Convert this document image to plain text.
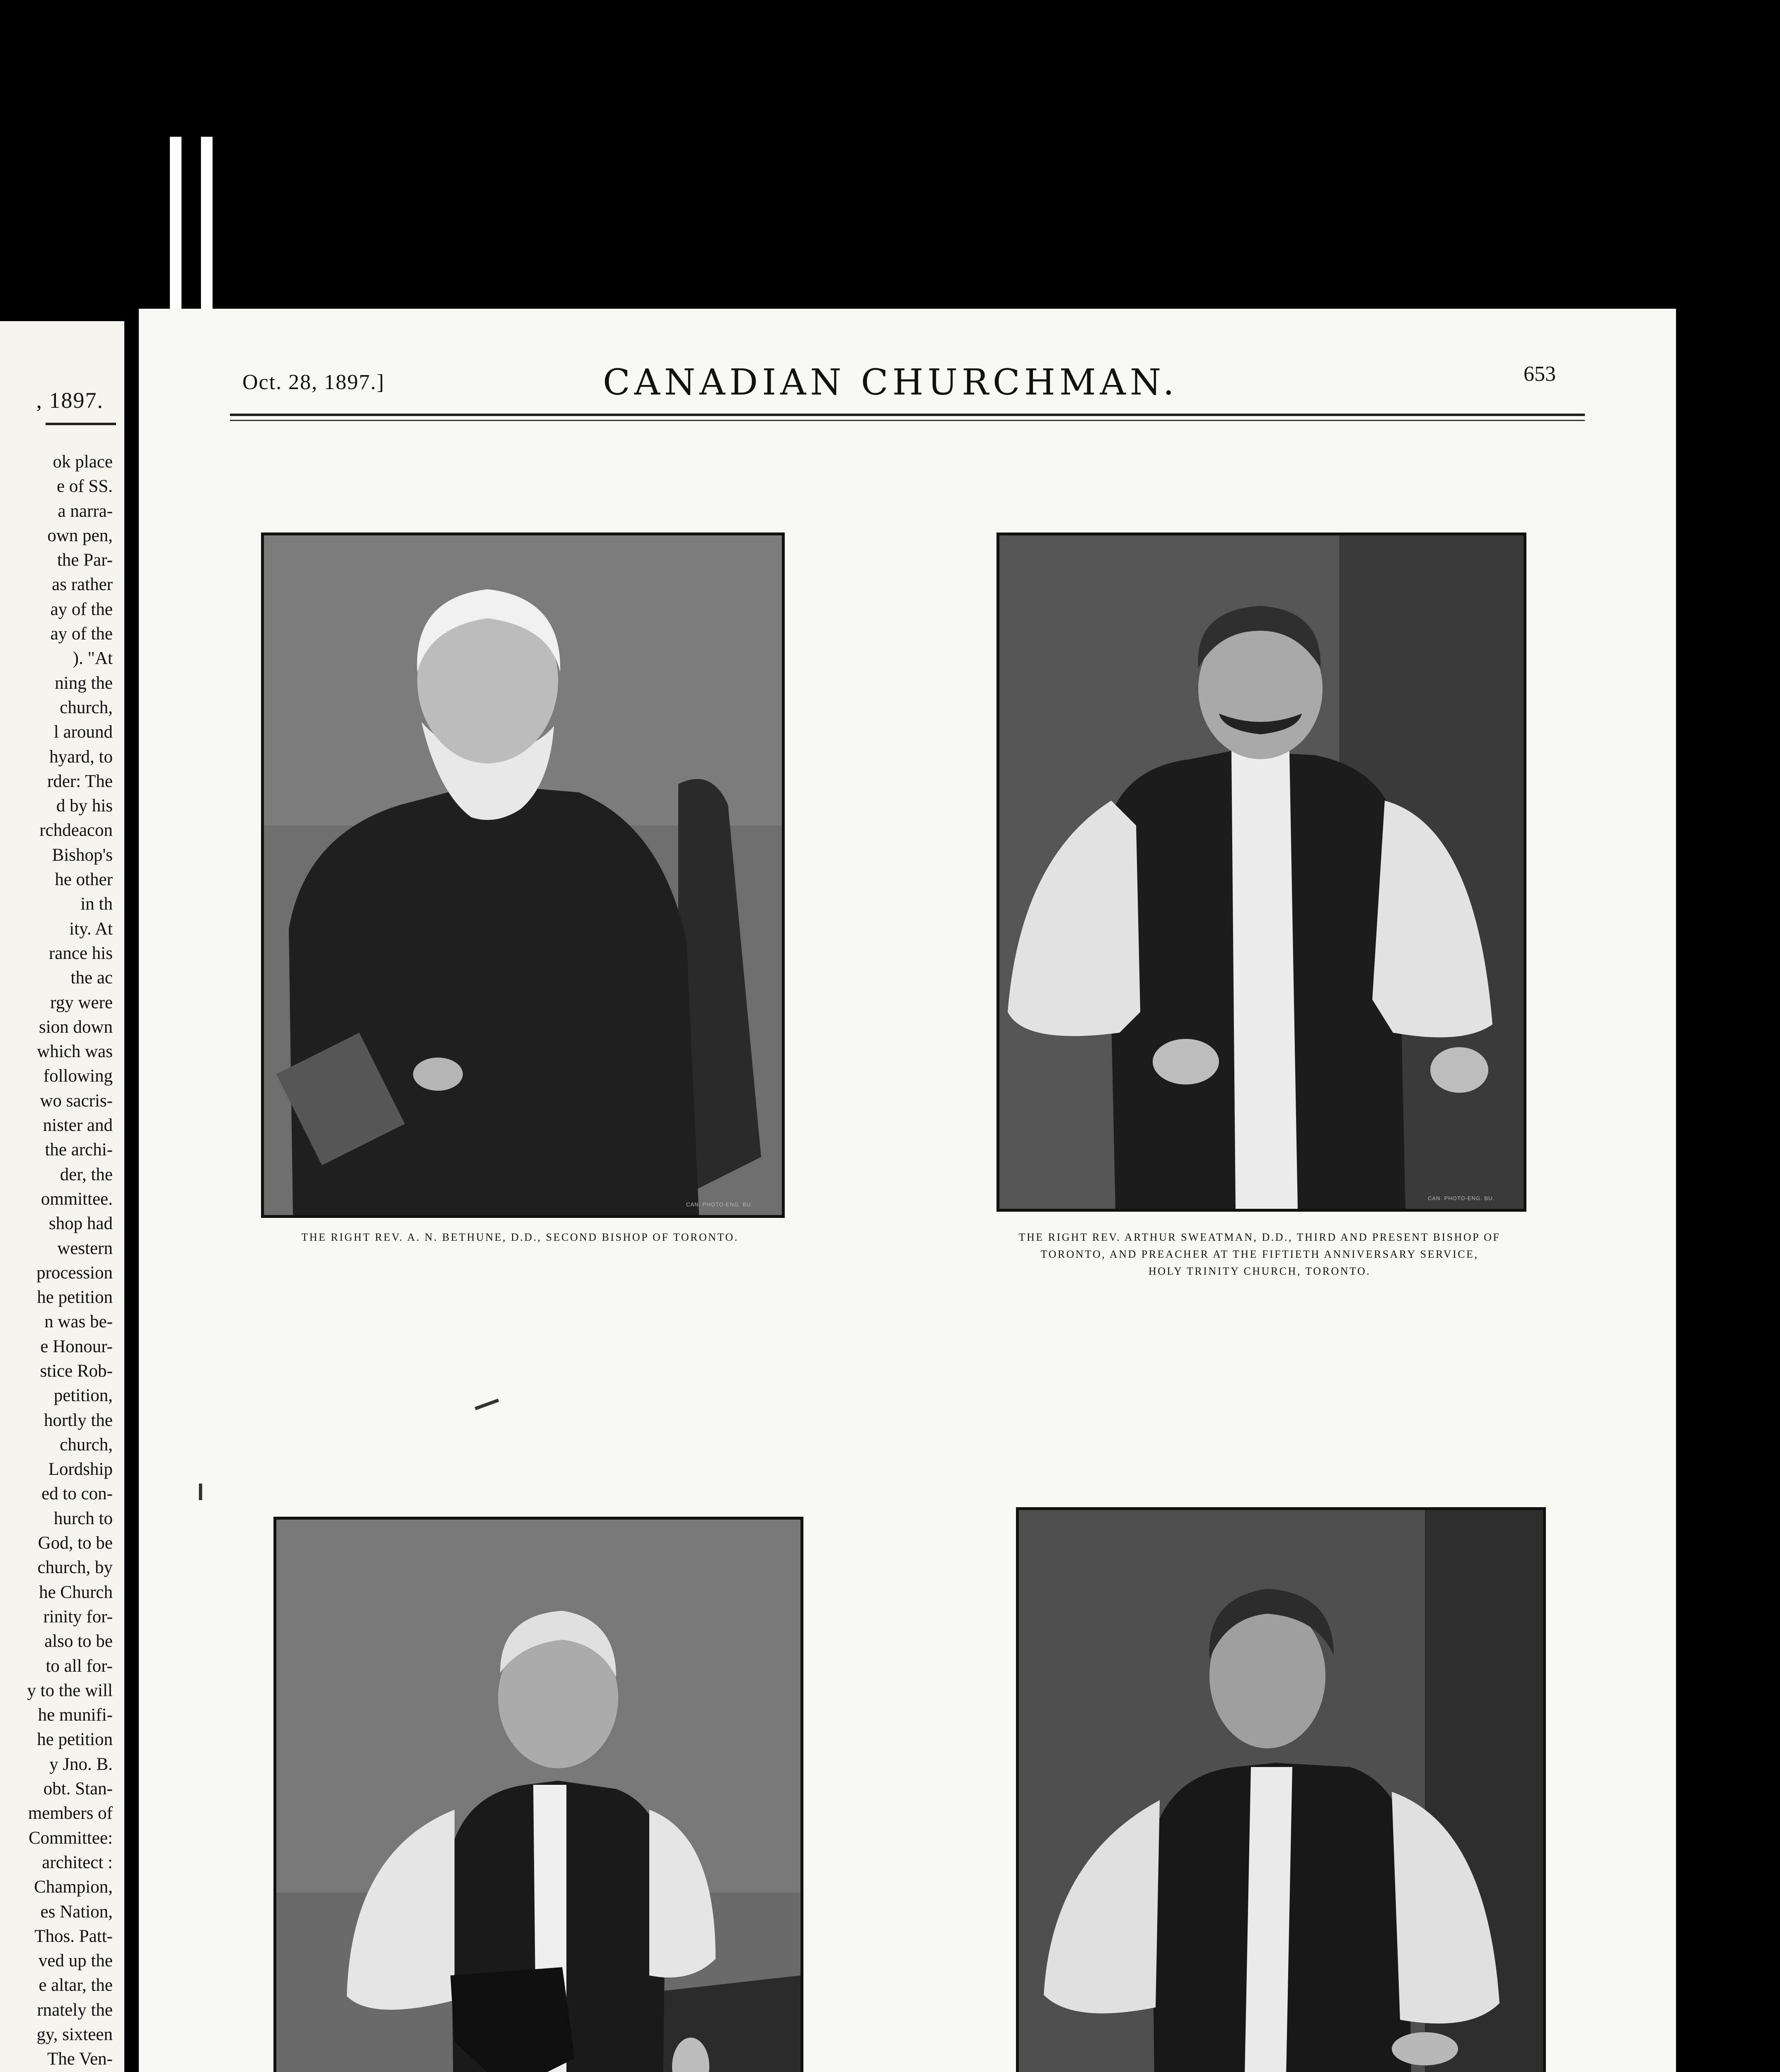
, 1897.
ok place
e of SS.
a narra-
own pen,
the Par-
as rather
ay of the
ay of the
). "At
ning the
church,
l around
hyard, to
rder: The
d by his
rchdeacon
Bishop's
he other
in th
ity. At
rance his
the ac
rgy were
sion down
which was
following
wo sacris-
nister and
the archi-
der, the
ommittee.
shop had
western
procession
he petition
n was be-
e Honour-
stice Rob-
petition,
hortly the
church,
Lordship
ed to con-
hurch to
God, to be
church, by
he Church
rinity for-
also to be
to all for-
y to the will
he munifi-
he petition
y Jno. B.
obt. Stan-
members of
Committee:
architect :
Champion,
es Nation,
Thos. Patt-
ved up the
e altar, the
rnately the
gy, sixteen
The Ven-
Oct. 28, 1897.]	CANADIAN CHURCHMAN.	653
CAN. PHOTO-ENG. BU.
THE RIGHT REV. A. N. BETHUNE, D.D., SECOND BISHOP OF TORONTO.
CAN. PHOTO-ENG. BU.
THE RIGHT REV. ARTHUR SWEATMAN, D.D., THIRD AND PRESENT BISHOP OF
TORONTO, AND PREACHER AT THE FIFTIETH ANNIVERSARY SERVICE,
HOLY TRINITY CHURCH, TORONTO.
